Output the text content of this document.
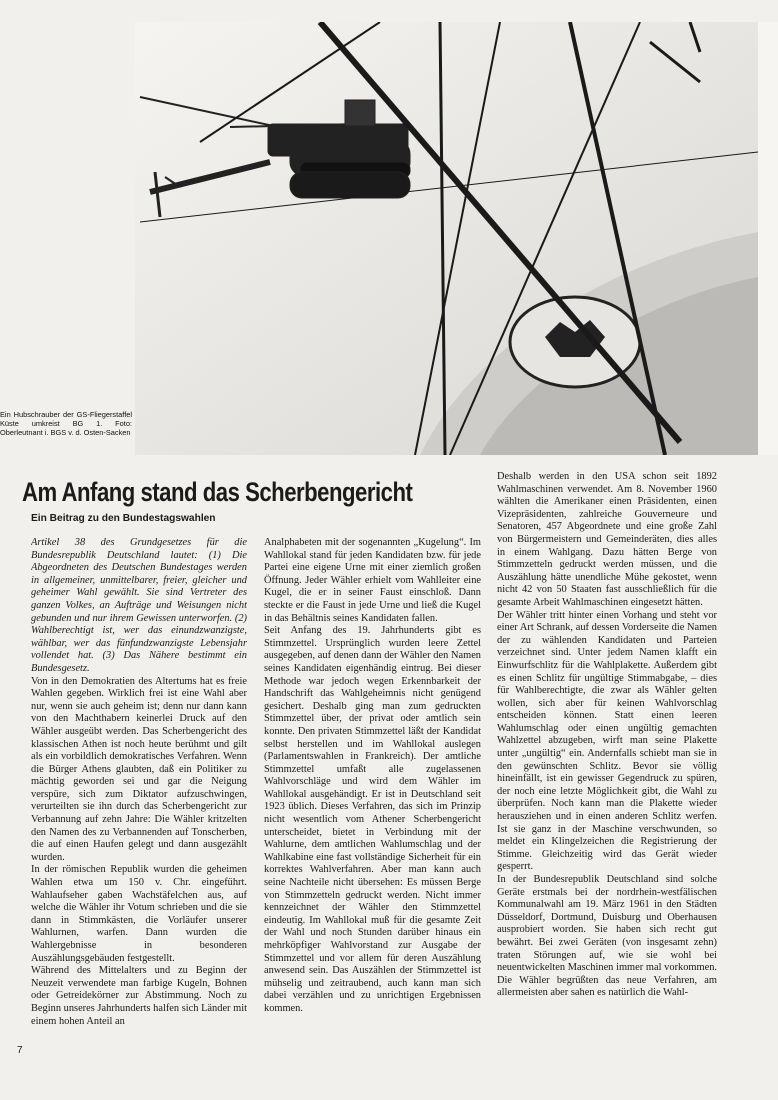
Ein Hubschrauber der GS-Fliegerstaffel Küste umkreist BG 1. Foto: Oberleutnant i. BGS v. d. Osten-Sacken
Am Anfang stand das Scherbengericht
Ein Beitrag zu den Bundestagswahlen

Artikel 38 des Grundgesetzes für die Bundesrepublik Deutschland lautet: (1) Die Abgeordneten des Deutschen Bundestages werden in allgemeiner, unmittelbarer, freier, gleicher und geheimer Wahl gewählt. Sie sind Vertreter des ganzen Volkes, an Aufträge und Weisungen nicht gebunden und nur ihrem Gewissen unterworfen. (2) Wahlberechtigt ist, wer das einundzwanzigste, wählbar, wer das fünfundzwanzigste Lebensjahr vollendet hat. (3) Das Nähere bestimmt ein Bundesgesetz.

Von in den Demokratien des Altertums hat es freie Wahlen gegeben. Wirklich frei ist eine Wahl aber nur, wenn sie auch geheim ist; denn nur dann kann von den Machthabern keinerlei Druck auf den Wähler ausgeübt werden. Das Scherbengericht des klassischen Athen ist noch heute berühmt und gilt als ein vorbildlich demokratisches Verfahren. Wenn die Bürger Athens glaubten, daß ein Politiker zu mächtig geworden sei und gar die Neigung verspüre, sich zum Diktator aufzuschwingen, verurteilten sie ihn durch das Scherbengericht zur Verbannung auf zehn Jahre: Die Wähler kritzelten den Namen des zu Verbannenden auf Tonscherben, die auf einen Haufen gelegt und dann ausgezählt wurden.

In der römischen Republik wurden die geheimen Wahlen etwa um 150 v. Chr. eingeführt. Wahlaufseher gaben Wachstäfelchen aus, auf welche die Wähler ihr Votum schrieben und die sie dann in Stimmkästen, die Vorläufer unserer Wahlurnen, warfen. Dann wurden die Wahlergebnisse in besonderen Auszählungsgebäuden festgestellt.

Während des Mittelalters und zu Beginn der Neuzeit verwendete man farbige Kugeln, Bohnen oder Getreidekörner zur Abstimmung. Noch zu Beginn unseres Jahrhunderts halfen sich Länder mit einem hohen Anteil an

Analphabeten mit der sogenannten „Kugelung“. Im Wahllokal stand für jeden Kandidaten bzw. für jede Partei eine eigene Urne mit einer ziemlich großen Öffnung. Jeder Wähler erhielt vom Wahlleiter eine Kugel, die er in seiner Faust einschloß. Dann steckte er die Faust in jede Urne und ließ die Kugel in das Behältnis seines Kandidaten fallen.

Seit Anfang des 19. Jahrhunderts gibt es Stimmzettel. Ursprünglich wurden leere Zettel ausgegeben, auf denen dann der Wähler den Namen seines Kandidaten eigenhändig eintrug. Bei dieser Methode war jedoch wegen Erkennbarkeit der Handschrift das Wahlgeheimnis nicht genügend gesichert. Deshalb ging man zum gedruckten Stimmzettel über, der privat oder amtlich sein konnte. Den privaten Stimmzettel läßt der Kandidat selbst herstellen und im Wahllokal auslegen (Parlamentswahlen in Frankreich). Der amtliche Stimmzettel umfaßt alle zugelassenen Wahlvorschläge und wird dem Wähler im Wahllokal ausgehändigt. Er ist in Deutschland seit 1923 üblich. Dieses Verfahren, das sich im Prinzip nicht wesentlich vom Athener Scherbengericht unterscheidet, bietet in Verbindung mit der Wahlurne, dem amtlichen Wahlumschlag und der Wahlkabine eine fast vollständige Sicherheit für ein korrektes Wahlverfahren. Aber man kann auch seine Nachteile nicht übersehen: Es müssen Berge von Stimmzetteln gedruckt werden. Nicht immer kennzeichnet der Wähler den Stimmzettel eindeutig. Im Wahllokal muß für die gesamte Zeit der Wahl und noch Stunden darüber hinaus ein mehrköpfiger Wahlvorstand zur Ausgabe der Stimmzettel und vor allem für deren Auszählung anwesend sein. Das Auszählen der Stimmzettel ist mühselig und zeitraubend, auch kann man sich dabei verzählen und zu unrichtigen Ergebnissen kommen.

Deshalb werden in den USA schon seit 1892 Wahlmaschinen verwendet. Am 8. November 1960 wählten die Amerikaner einen Präsidenten, einen Vizepräsidenten, zahlreiche Gouverneure und Senatoren, 457 Abgeordnete und eine große Zahl von Bürgermeistern und Gemeinderäten, dies alles in einem Wahlgang. Dazu hätten Berge von Stimmzetteln gedruckt werden müssen, und die Auszählung hätte unendliche Mühe gekostet, wenn nicht 42 von 50 Staaten fast ausschließlich für die gesamte Arbeit Wahlmaschinen eingesetzt hätten.

Der Wähler tritt hinter einen Vorhang und steht vor einer Art Schrank, auf dessen Vorderseite die Namen der zu wählenden Kandidaten und Parteien verzeichnet sind. Unter jedem Namen klafft ein Einwurfschlitz für die Wahlplakette. Außerdem gibt es einen Schlitz für ungültige Stimmabgabe, – dies für Wahlberechtigte, die zwar als Wähler gelten wollen, sich aber für keinen Wahlvorschlag entscheiden können. Statt einen leeren Wahlumschlag oder einen ungültig gemachten Wahlzettel abzugeben, wirft man seine Plakette unter „ungültig“ ein. Andernfalls schiebt man sie in den gewünschten Schlitz. Bevor sie völlig hineinfällt, ist ein gewisser Gegendruck zu spüren, der noch eine letzte Möglichkeit gibt, die Wahl zu überprüfen. Noch kann man die Plakette wieder herausziehen und in einen anderen Schlitz werfen. Ist sie ganz in der Maschine verschwunden, so meldet ein Klingelzeichen die Registrierung der Stimme. Gleichzeitig wird das Gerät wieder gesperrt.

In der Bundesrepublik Deutschland sind solche Geräte erstmals bei der nordrhein-westfälischen Kommunalwahl am 19. März 1961 in den Städten Düsseldorf, Dortmund, Duisburg und Oberhausen ausprobiert worden. Sie haben sich recht gut bewährt. Bei zwei Geräten (von insgesamt zehn) traten Störungen auf, wie sie wohl bei neuentwickelten Maschinen immer mal vorkommen. Die Wähler begrüßten das neue Verfahren, am allermeisten aber sahen es natürlich die Wahl-

7
